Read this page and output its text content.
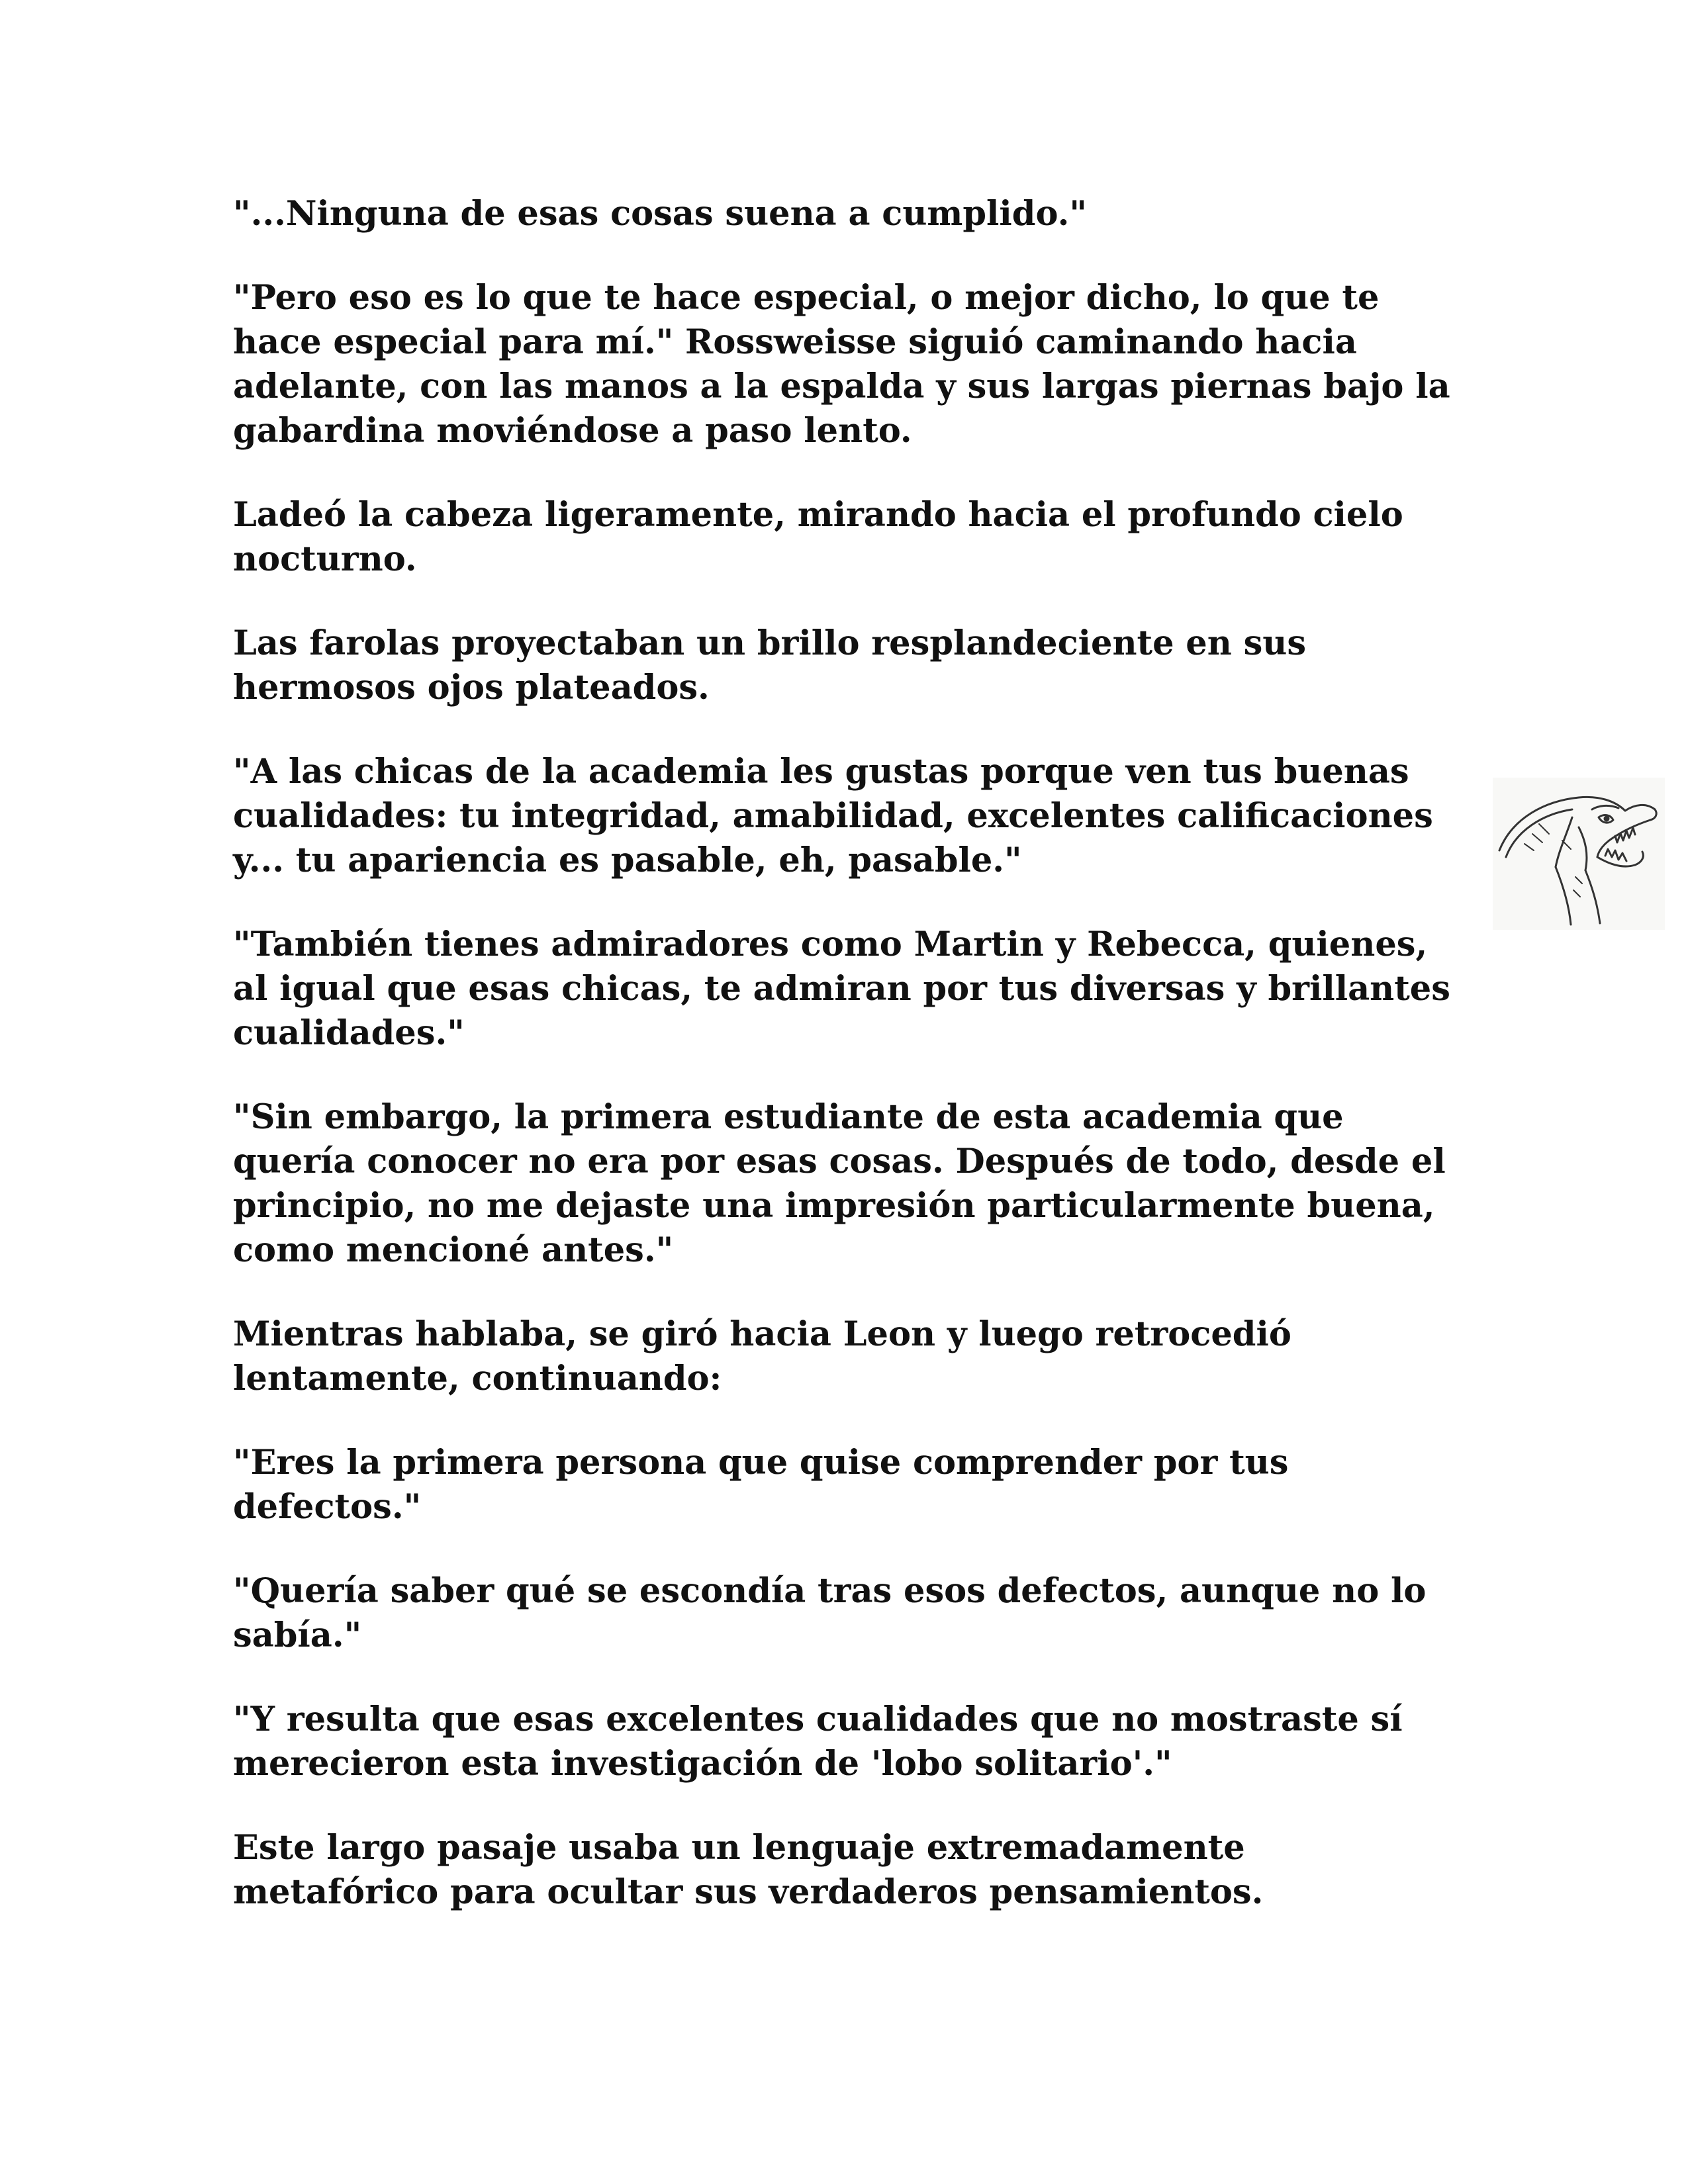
"...Ninguna de esas cosas suena a cumplido."

"Pero eso es lo que te hace especial, o mejor dicho, lo que te hace especial para mí." Rossweisse siguió caminando hacia adelante, con las manos a la espalda y sus largas piernas bajo la gabardina moviéndose a paso lento.

Ladeó la cabeza ligeramente, mirando hacia el profundo cielo nocturno.

Las farolas proyectaban un brillo resplandeciente en sus hermosos ojos plateados.

"A las chicas de la academia les gustas porque ven tus buenas cualidades: tu integridad, amabilidad, excelentes calificaciones y... tu apariencia es pasable, eh, pasable."

"También tienes admiradores como Martin y Rebecca, quienes, al igual que esas chicas, te admiran por tus diversas y brillantes cualidades."

"Sin embargo, la primera estudiante de esta academia que quería conocer no era por esas cosas. Después de todo, desde el principio, no me dejaste una impresión particularmente buena, como mencioné antes."

Mientras hablaba, se giró hacia Leon y luego retrocedió lentamente, continuando:

"Eres la primera persona que quise comprender por tus defectos."

"Quería saber qué se escondía tras esos defectos, aunque no lo sabía."

"Y resulta que esas excelentes cualidades que no mostraste sí merecieron esta investigación de 'lobo solitario'."

Este largo pasaje usaba un lenguaje extremadamente metafórico para ocultar sus verdaderos pensamientos.
